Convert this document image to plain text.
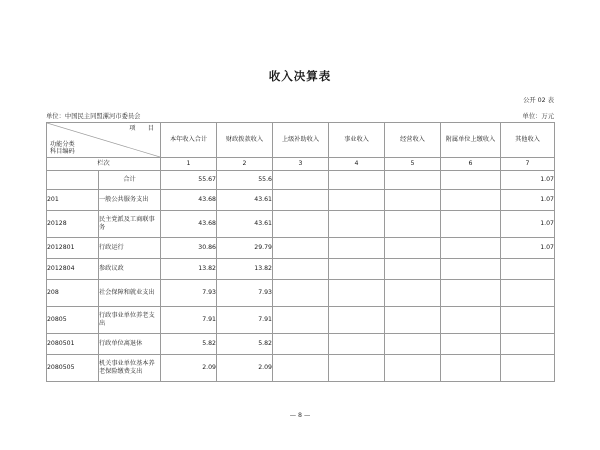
收入决算表
公开 02 表
单位：万元
单位：中国民主同盟漯河市委员会
项　　目
功能分类
科目编码		本年收入合计	财政拨款收入	上级补助收入	事业收入	经营收入	附属单位上缴收入	其他收入
栏次		1	2	3	4	5	6	7
	合计	55.67	55.6					1.07
201	一般公共服务支出	43.68	43.61					1.07
20128	民主党派及工商联事务	43.68	43.61					1.07
2012801	行政运行	30.86	29.79					1.07
2012804	参政议政	13.82	13.82					
208	社会保障和就业支出	7.93	7.93					
20805	行政事业单位养老支出	7.91	7.91					
2080501	行政单位离退休	5.82	5.82					
2080505	机关事业单位基本养老保险缴费支出	2.09	2.09					
— 8 —
